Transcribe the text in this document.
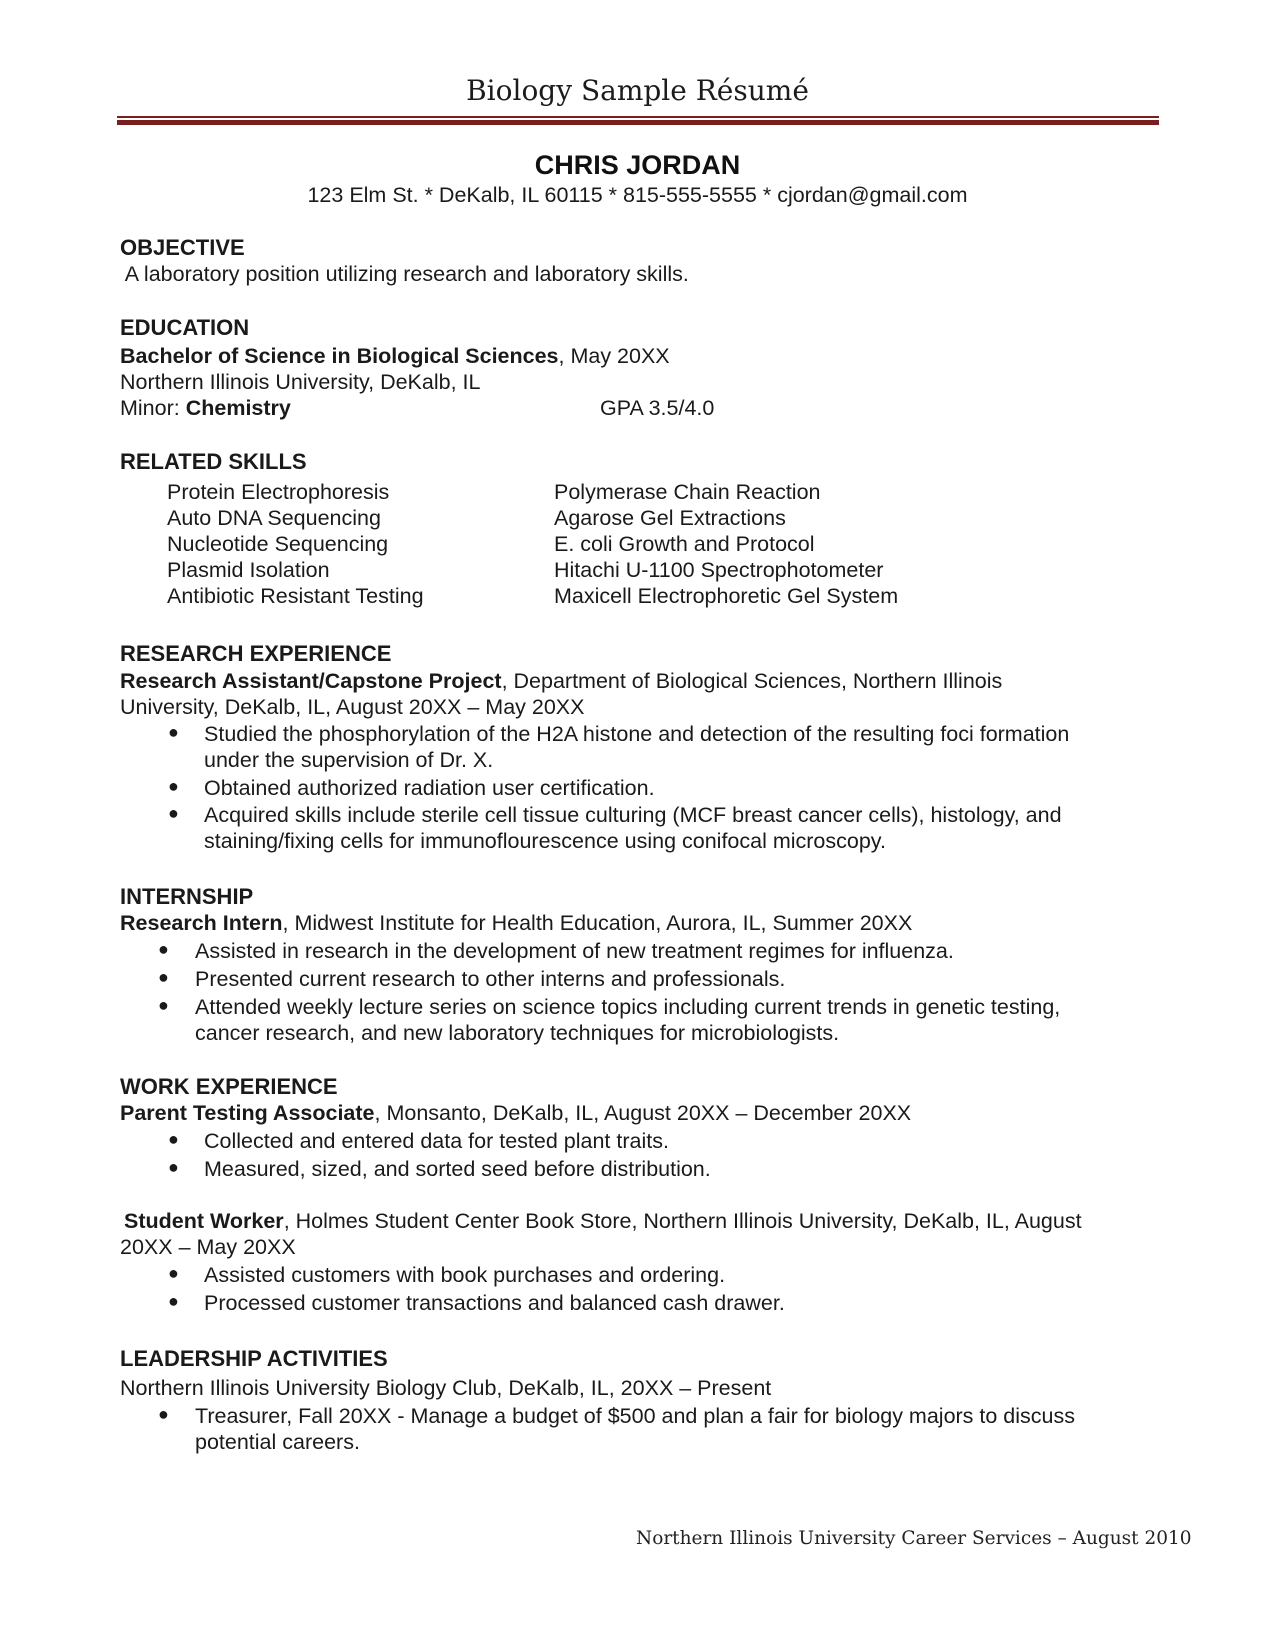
Biology Sample Résumé
CHRIS JORDAN
123 Elm St. * DeKalb, IL 60115 * 815-555-5555 * cjordan@gmail.com
OBJECTIVE
A laboratory position utilizing research and laboratory skills.
EDUCATION
Bachelor of Science in Biological Sciences, May 20XX
Northern Illinois University, DeKalb, IL
Minor: Chemistry	GPA 3.5/4.0
RELATED SKILLS
Protein Electrophoresis
Auto DNA Sequencing
Nucleotide Sequencing
Plasmid Isolation
Antibiotic Resistant Testing
Polymerase Chain Reaction
Agarose Gel Extractions
E. coli Growth and Protocol
Hitachi U-1100 Spectrophotometer
Maxicell Electrophoretic Gel System
RESEARCH EXPERIENCE
Research Assistant/Capstone Project, Department of Biological Sciences, Northern Illinois
University, DeKalb, IL, August 20XX – May 20XX
● Studied the phosphorylation of the H2A histone and detection of the resulting foci formation
under the supervision of Dr. X.
● Obtained authorized radiation user certification.
● Acquired skills include sterile cell tissue culturing (MCF breast cancer cells), histology, and
staining/fixing cells for immunoflourescence using conifocal microscopy.
INTERNSHIP
Research Intern, Midwest Institute for Health Education, Aurora, IL, Summer 20XX
● Assisted in research in the development of new treatment regimes for influenza.
● Presented current research to other interns and professionals.
● Attended weekly lecture series on science topics including current trends in genetic testing,
cancer research, and new laboratory techniques for microbiologists.
WORK EXPERIENCE
Parent Testing Associate, Monsanto, DeKalb, IL, August 20XX – December 20XX
● Collected and entered data for tested plant traits.
● Measured, sized, and sorted seed before distribution.
Student Worker, Holmes Student Center Book Store, Northern Illinois University, DeKalb, IL, August
20XX – May 20XX
● Assisted customers with book purchases and ordering.
● Processed customer transactions and balanced cash drawer.
LEADERSHIP ACTIVITIES
Northern Illinois University Biology Club, DeKalb, IL, 20XX – Present
● Treasurer, Fall 20XX - Manage a budget of $500 and plan a fair for biology majors to discuss
potential careers.
Northern Illinois University Career Services – August 2010
